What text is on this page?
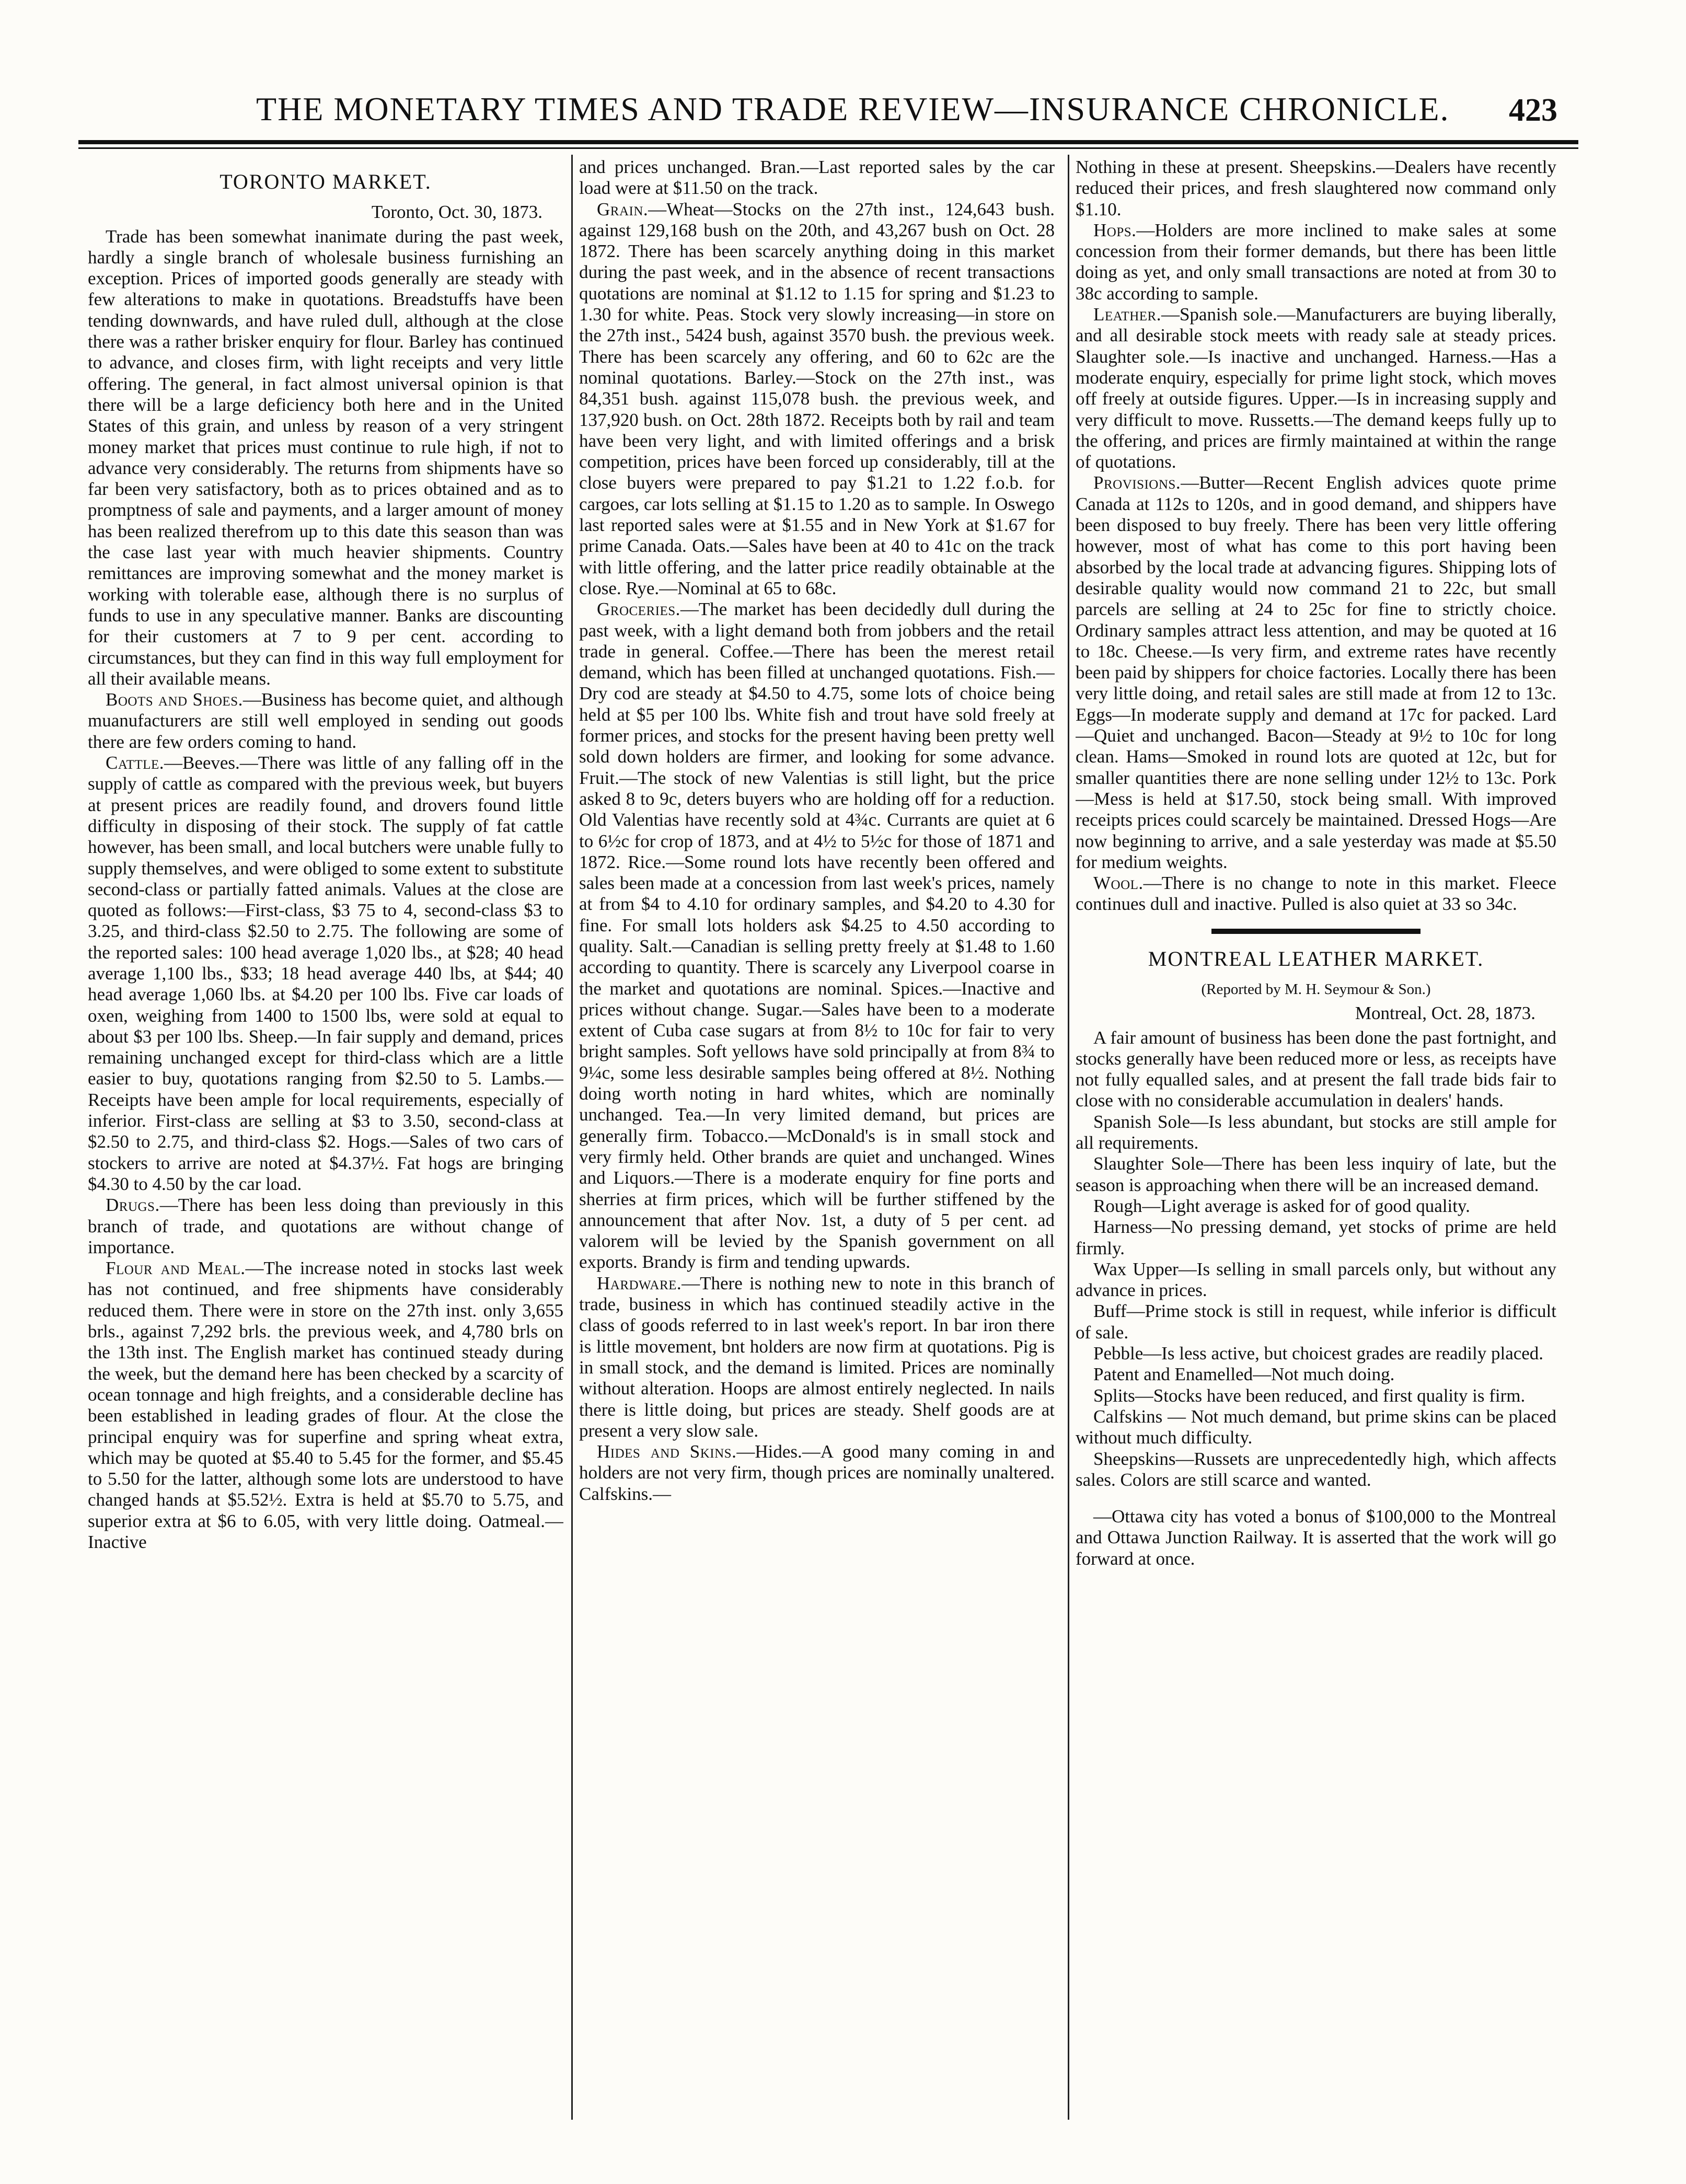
THE MONETARY TIMES AND TRADE REVIEW—INSURANCE CHRONICLE. 423
TORONTO MARKET.
Toronto, Oct. 30, 1873.

Trade has been somewhat inanimate during the past week, hardly a single branch of wholesale business furnishing an exception. Prices of imported goods generally are steady with few alterations to make in quotations. Breadstuffs have been tending downwards, and have ruled dull, although at the close there was a rather brisker enquiry for flour. Barley has continued to advance, and closes firm, with light receipts and very little offering. The general, in fact almost universal opinion is that there will be a large deficiency both here and in the United States of this grain, and unless by reason of a very stringent money market that prices must continue to rule high, if not to advance very considerably. The returns from shipments have so far been very satisfactory, both as to prices obtained and as to promptness of sale and payments, and a larger amount of money has been realized therefrom up to this date this season than was the case last year with much heavier shipments. Country remittances are improving somewhat and the money market is working with tolerable ease, although there is no surplus of funds to use in any speculative manner. Banks are discounting for their customers at 7 to 9 per cent. according to circumstances, but they can find in this way full employment for all their available means.

Boots and Shoes.—Business has become quiet, and although muanufacturers are still well employed in sending out goods there are few orders coming to hand.

Cattle.—Beeves.—There was little of any falling off in the supply of cattle as compared with the previous week, but buyers at present prices are readily found, and drovers found little difficulty in disposing of their stock. The supply of fat cattle however, has been small, and local butchers were unable fully to supply themselves, and were obliged to some extent to substitute second-class or partially fatted animals. Values at the close are quoted as follows:—First-class, $3 75 to 4, second-class $3 to 3.25, and third-class $2.50 to 2.75. The following are some of the reported sales: 100 head average 1,020 lbs., at $28; 40 head average 1,100 lbs., $33; 18 head average 440 lbs, at $44; 40 head average 1,060 lbs. at $4.20 per 100 lbs. Five car loads of oxen, weighing from 1400 to 1500 lbs, were sold at equal to about $3 per 100 lbs. Sheep.—In fair supply and demand, prices remaining unchanged except for third-class which are a little easier to buy, quotations ranging from $2.50 to 5. Lambs.—Receipts have been ample for local requirements, especially of inferior. First-class are selling at $3 to 3.50, second-class at $2.50 to 2.75, and third-class $2. Hogs.—Sales of two cars of stockers to arrive are noted at $4.37½. Fat hogs are bringing $4.30 to 4.50 by the car load.

Drugs.—There has been less doing than previously in this branch of trade, and quotations are without change of importance.

Flour and Meal.—The increase noted in stocks last week has not continued, and free shipments have considerably reduced them. There were in store on the 27th inst. only 3,655 brls., against 7,292 brls. the previous week, and 4,780 brls on the 13th inst. The English market has continued steady during the week, but the demand here has been checked by a scarcity of ocean tonnage and high freights, and a considerable decline has been established in leading grades of flour. At the close the principal enquiry was for superfine and spring wheat extra, which may be quoted at $5.40 to 5.45 for the former, and $5.45 to 5.50 for the latter, although some lots are understood to have changed hands at $5.52½. Extra is held at $5.70 to 5.75, and superior extra at $6 to 6.05, with very little doing. Oatmeal.—Inactive

and prices unchanged. Bran.—Last reported sales by the car load were at $11.50 on the track.

Grain.—Wheat—Stocks on the 27th inst., 124,643 bush. against 129,168 bush on the 20th, and 43,267 bush on Oct. 28 1872. There has been scarcely anything doing in this market during the past week, and in the absence of recent transactions quotations are nominal at $1.12 to 1.15 for spring and $1.23 to 1.30 for white. Peas. Stock very slowly increasing—in store on the 27th inst., 5424 bush, against 3570 bush. the previous week. There has been scarcely any offering, and 60 to 62c are the nominal quotations. Barley.—Stock on the 27th inst., was 84,351 bush. against 115,078 bush. the previous week, and 137,920 bush. on Oct. 28th 1872. Receipts both by rail and team have been very light, and with limited offerings and a brisk competition, prices have been forced up considerably, till at the close buyers were prepared to pay $1.21 to 1.22 f.o.b. for cargoes, car lots selling at $1.15 to 1.20 as to sample. In Oswego last reported sales were at $1.55 and in New York at $1.67 for prime Canada. Oats.—Sales have been at 40 to 41c on the track with little offering, and the latter price readily obtainable at the close. Rye.—Nominal at 65 to 68c.

Groceries.—The market has been decidedly dull during the past week, with a light demand both from jobbers and the retail trade in general. Coffee.—There has been the merest retail demand, which has been filled at unchanged quotations. Fish.—Dry cod are steady at $4.50 to 4.75, some lots of choice being held at $5 per 100 lbs. White fish and trout have sold freely at former prices, and stocks for the present having been pretty well sold down holders are firmer, and looking for some advance. Fruit.—The stock of new Valentias is still light, but the price asked 8 to 9c, deters buyers who are holding off for a reduction. Old Valentias have recently sold at 4¾c. Currants are quiet at 6 to 6½c for crop of 1873, and at 4½ to 5½c for those of 1871 and 1872. Rice.—Some round lots have recently been offered and sales been made at a concession from last week's prices, namely at from $4 to 4.10 for ordinary samples, and $4.20 to 4.30 for fine. For small lots holders ask $4.25 to 4.50 according to quality. Salt.—Canadian is selling pretty freely at $1.48 to 1.60 according to quantity. There is scarcely any Liverpool coarse in the market and quotations are nominal. Spices.—Inactive and prices without change. Sugar.—Sales have been to a moderate extent of Cuba case sugars at from 8½ to 10c for fair to very bright samples. Soft yellows have sold principally at from 8¾ to 9¼c, some less desirable samples being offered at 8½. Nothing doing worth noting in hard whites, which are nominally unchanged. Tea.—In very limited demand, but prices are generally firm. Tobacco.—McDonald's is in small stock and very firmly held. Other brands are quiet and unchanged. Wines and Liquors.—There is a moderate enquiry for fine ports and sherries at firm prices, which will be further stiffened by the announcement that after Nov. 1st, a duty of 5 per cent. ad valorem will be levied by the Spanish government on all exports. Brandy is firm and tending upwards.

Hardware.—There is nothing new to note in this branch of trade, business in which has continued steadily active in the class of goods referred to in last week's report. In bar iron there is little movement, bnt holders are now firm at quotations. Pig is in small stock, and the demand is limited. Prices are nominally without alteration. Hoops are almost entirely neglected. In nails there is little doing, but prices are steady. Shelf goods are at present a very slow sale.

Hides and Skins.—Hides.—A good many coming in and holders are not very firm, though prices are nominally unaltered. Calfskins.—

Nothing in these at present. Sheepskins.—Dealers have recently reduced their prices, and fresh slaughtered now command only $1.10.

Hops.—Holders are more inclined to make sales at some concession from their former demands, but there has been little doing as yet, and only small transactions are noted at from 30 to 38c according to sample.

Leather.—Spanish sole.—Manufacturers are buying liberally, and all desirable stock meets with ready sale at steady prices. Slaughter sole.—Is inactive and unchanged. Harness.—Has a moderate enquiry, especially for prime light stock, which moves off freely at outside figures. Upper.—Is in increasing supply and very difficult to move. Russetts.—The demand keeps fully up to the offering, and prices are firmly maintained at within the range of quotations.

Provisions.—Butter—Recent English advices quote prime Canada at 112s to 120s, and in good demand, and shippers have been disposed to buy freely. There has been very little offering however, most of what has come to this port having been absorbed by the local trade at advancing figures. Shipping lots of desirable quality would now command 21 to 22c, but small parcels are selling at 24 to 25c for fine to strictly choice. Ordinary samples attract less attention, and may be quoted at 16 to 18c. Cheese.—Is very firm, and extreme rates have recently been paid by shippers for choice factories. Locally there has been very little doing, and retail sales are still made at from 12 to 13c. Eggs—In moderate supply and demand at 17c for packed. Lard—Quiet and unchanged. Bacon—Steady at 9½ to 10c for long clean. Hams—Smoked in round lots are quoted at 12c, but for smaller quantities there are none selling under 12½ to 13c. Pork—Mess is held at $17.50, stock being small. With improved receipts prices could scarcely be maintained. Dressed Hogs—Are now beginning to arrive, and a sale yesterday was made at $5.50 for medium weights.

Wool.—There is no change to note in this market. Fleece continues dull and inactive. Pulled is also quiet at 33 so 34c.

MONTREAL LEATHER MARKET.
(Reported by M. H. Seymour & Son.)
Montreal, Oct. 28, 1873.

A fair amount of business has been done the past fortnight, and stocks generally have been reduced more or less, as receipts have not fully equalled sales, and at present the fall trade bids fair to close with no considerable accumulation in dealers' hands.

Spanish Sole—Is less abundant, but stocks are still ample for all requirements.

Slaughter Sole—There has been less inquiry of late, but the season is approaching when there will be an increased demand.

Rough—Light average is asked for of good quality.

Harness—No pressing demand, yet stocks of prime are held firmly.

Wax Upper—Is selling in small parcels only, but without any advance in prices.

Buff—Prime stock is still in request, while inferior is difficult of sale.

Pebble—Is less active, but choicest grades are readily placed.

Patent and Enamelled—Not much doing.

Splits—Stocks have been reduced, and first quality is firm.

Calfskins — Not much demand, but prime skins can be placed without much difficulty.

Sheepskins—Russets are unprecedentedly high, which affects sales. Colors are still scarce and wanted.

—Ottawa city has voted a bonus of $100,000 to the Montreal and Ottawa Junction Railway. It is asserted that the work will go forward at once.
